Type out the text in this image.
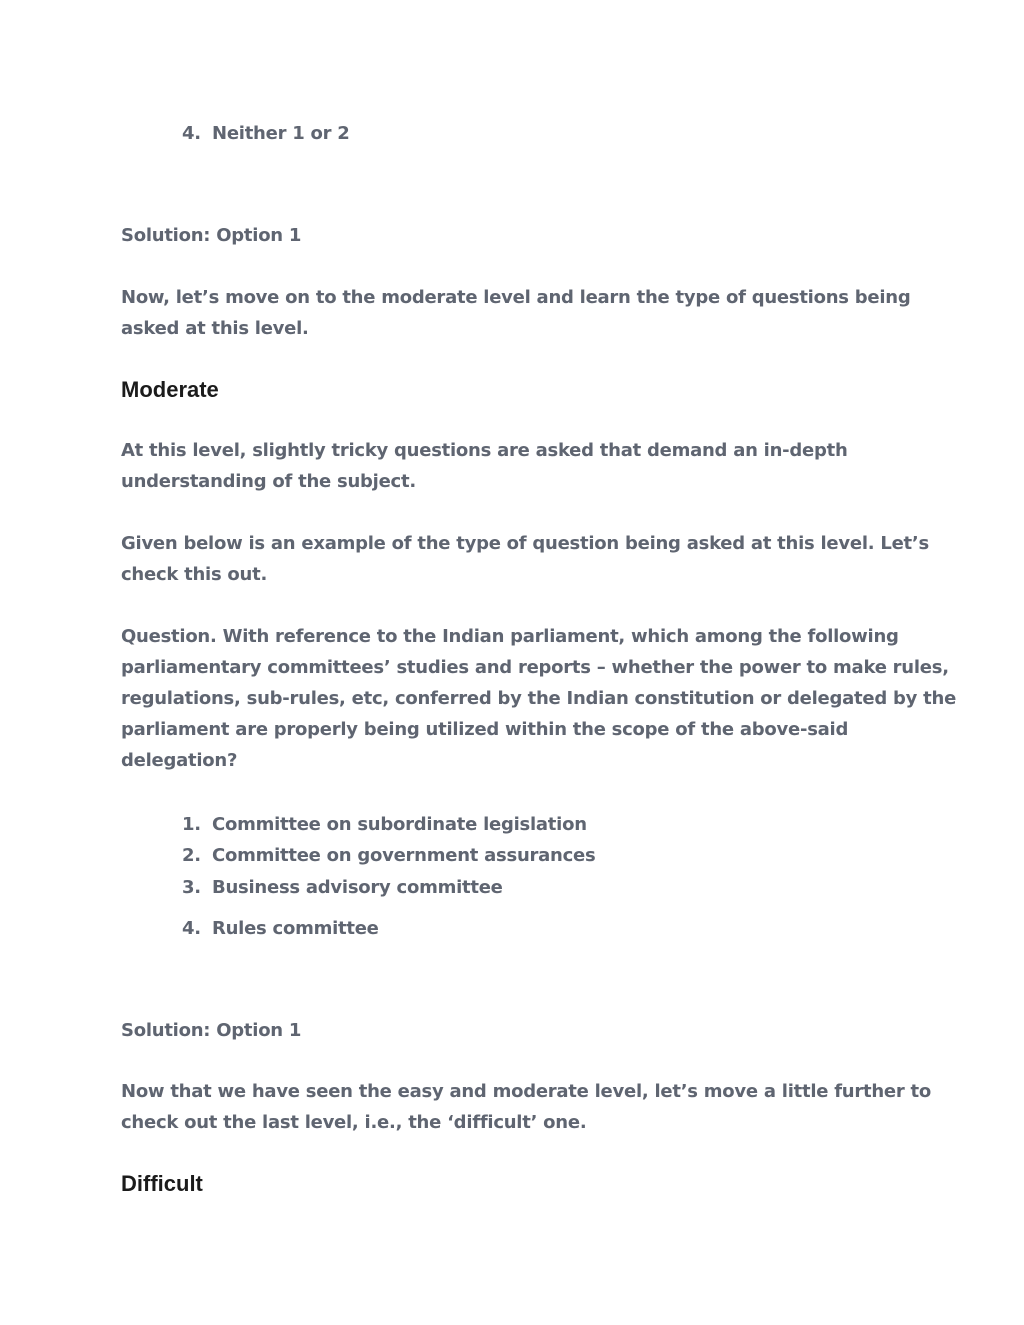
4. Neither 1 or 2

Solution: Option 1

Now, let’s move on to the moderate level and learn the type of questions being
asked at this level.
Moderate
At this level, slightly tricky questions are asked that demand an in-depth
understanding of the subject.
Given below is an example of the type of question being asked at this level. Let’s
check this out.
Question. With reference to the Indian parliament, which among the following
parliamentary committees’ studies and reports – whether the power to make rules,
regulations, sub-rules, etc, conferred by the Indian constitution or delegated by the
parliament are properly being utilized within the scope of the above-said
delegation?
1. Committee on subordinate legislation
2. Committee on government assurances
3. Business advisory committee
4. Rules committee

Solution: Option 1

Now that we have seen the easy and moderate level, let’s move a little further to
check out the last level, i.e., the ‘difficult’ one.
Difficult
